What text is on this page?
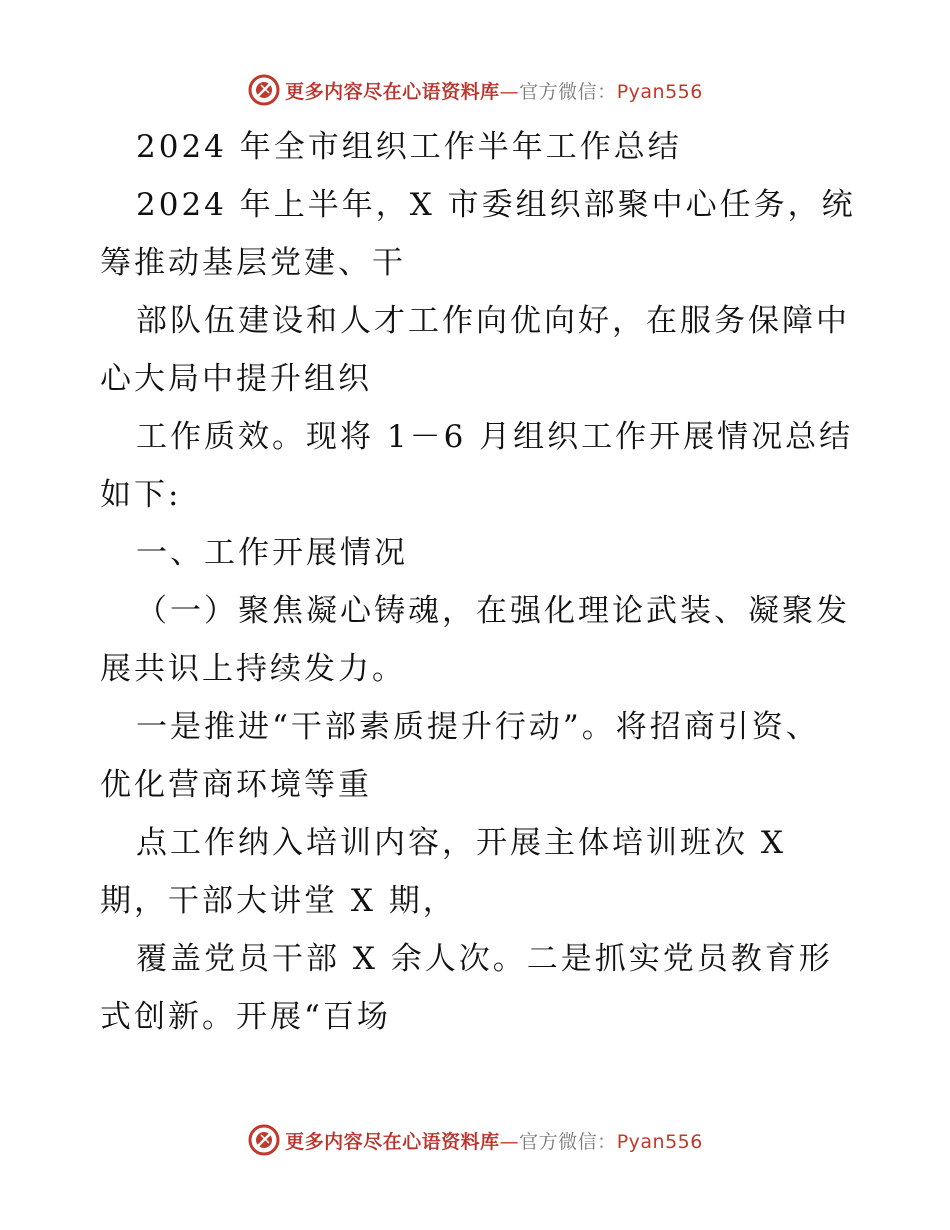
更多内容尽在心语资料库—官方微信：Pyan556
2024 年全市组织工作半年工作总结
2024 年上半年，X 市委组织部聚中心任务，统
筹推动基层党建、干
部队伍建设和人才工作向优向好，在服务保障中
心大局中提升组织
工作质效。现将 1－6 月组织工作开展情况总结
如下:
一、工作开展情况
（一）聚焦凝心铸魂，在强化理论武装、凝聚发
展共识上持续发力。
一是推进“干部素质提升行动”。将招商引资、
优化营商环境等重
点工作纳入培训内容，开展主体培训班次 X
期，干部大讲堂 X 期，
覆盖党员干部 X 余人次。二是抓实党员教育形
式创新。开展“百场
更多内容尽在心语资料库—官方微信：Pyan556
